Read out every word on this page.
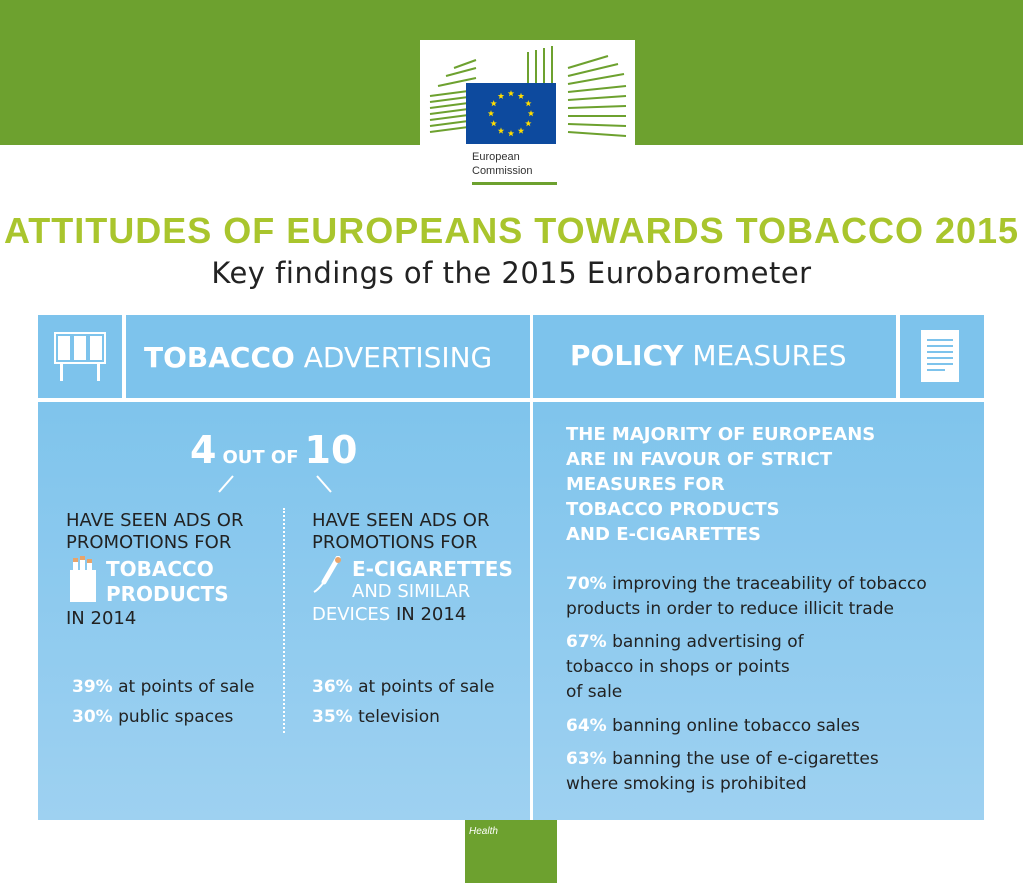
European
Commission
ATTITUDES OF EUROPEANS TOWARDS TOBACCO 2015
Key findings of the 2015 Eurobarometer
TOBACCO ADVERTISING	POLICY MEASURES
4 OUT OF 10
HAVE SEEN ADS OR
PROMOTIONS FOR
TOBACCO
PRODUCTS
IN 2014
39% at points of sale
30% public spaces
HAVE SEEN ADS OR
PROMOTIONS FOR
E-CIGARETTES
AND SIMILAR
DEVICES IN 2014
36% at points of sale
35% television
THE MAJORITY OF EUROPEANS
ARE IN FAVOUR OF STRICT
MEASURES FOR
TOBACCO PRODUCTS
AND E-CIGARETTES
70% improving the traceability of tobacco
products in order to reduce illicit trade
67% banning advertising of
tobacco in shops or points
of sale
64% banning online tobacco sales
63% banning the use of e-cigarettes
where smoking is prohibited
Health
